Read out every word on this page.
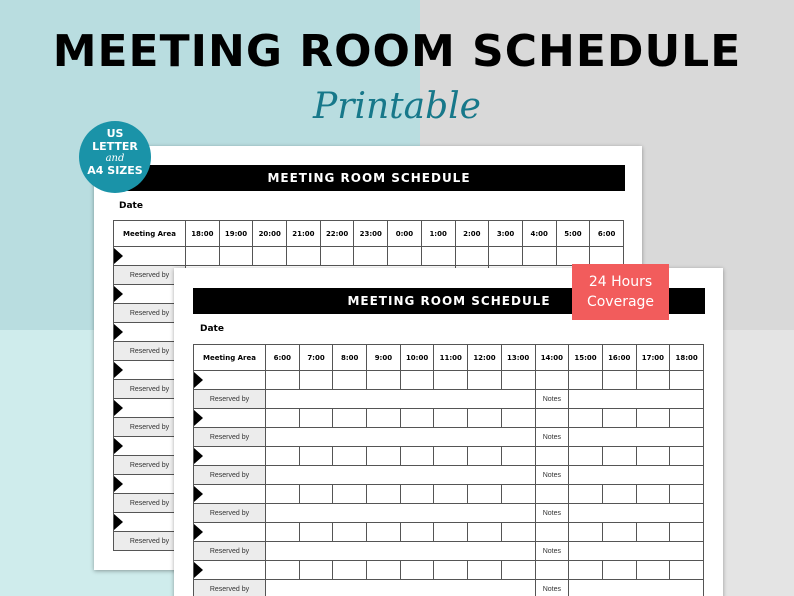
MEETING ROOM SCHEDULE
Printable
US
LETTER
and
A4 SIZES
MEETING ROOM SCHEDULE
Date
Meeting Area	18:00	19:00	20:00	21:00	22:00	23:00	0:00	1:00	2:00	3:00	4:00	5:00	6:00

Reserved by			

Reserved by			

Reserved by			

Reserved by			

Reserved by			

Reserved by			

Reserved by			

Reserved by			
MEETING ROOM SCHEDULE
Date
Meeting Area	6:00	7:00	8:00	9:00	10:00	11:00	12:00	13:00	14:00	15:00	16:00	17:00	18:00

Reserved by									Notes				

Reserved by									Notes				

Reserved by									Notes				

Reserved by									Notes				

Reserved by									Notes				

Reserved by									Notes				
24 Hours
Coverage
